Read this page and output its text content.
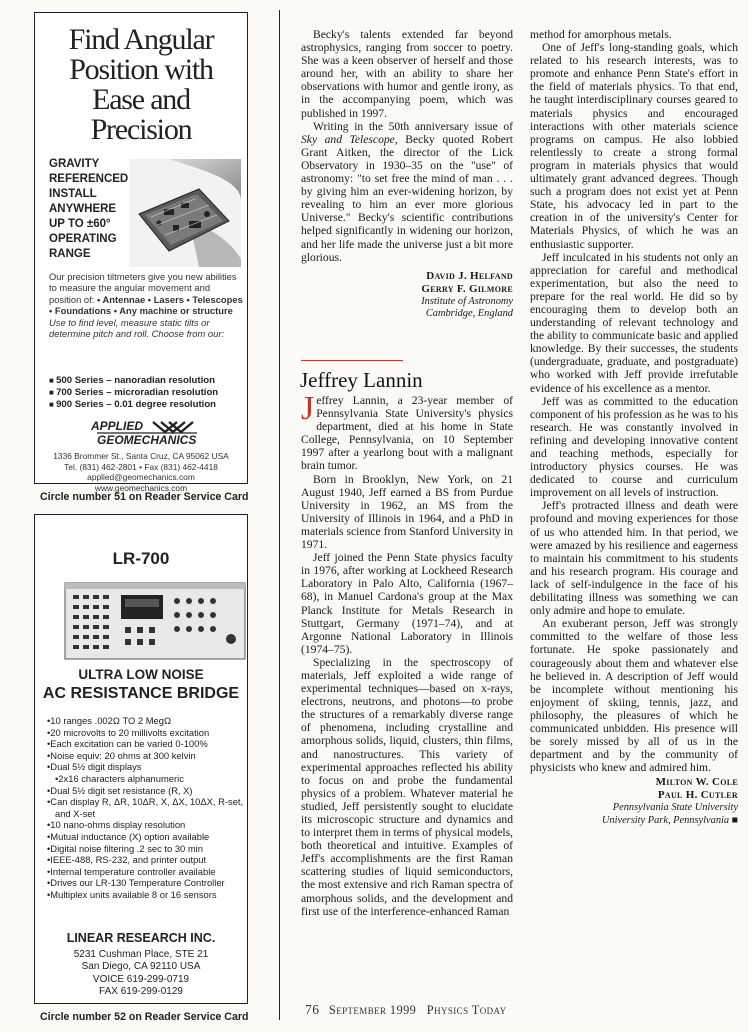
Find Angular
Position with
Ease and
Precision
GRAVITY
REFERENCED
INSTALL
ANYWHERE
UP TO ±60°
OPERATING
RANGE
Our precision tiltmeters give you new abilities to measure the angular movement and position of: • Antennae • Lasers • Telescopes • Foundations • Any machine or structure
Use to find level, measure static tilts or determine pitch and roll. Choose from our:
■ 500 Series – nanoradian resolution
■ 700 Series – microradian resolution
■ 900 Series – 0.01 degree resolution
APPLIED
GEOMECHANICS
1336 Brommer St., Santa Cruz, CA 95062 USA
Tel. (831) 462-2801 • Fax (831) 462-4418
applied@geomechanics.com
www.geomechanics.com
Circle number 51 on Reader Service Card
LR-700
ULTRA LOW NOISE
AC RESISTANCE BRIDGE
• 10 ranges .002Ω TO 2 MegΩ
• 20 microvolts to 20 millivolts excitation
• Each excitation can be varied 0-100%
• Noise equiv: 20 ohms at 300 kelvin
• Dual 5½ digit displays
• 2x16 characters alphanumeric
• Dual 5½ digit set resistance (R, X)
• Can display R, ΔR, 10ΔR, X, ΔX, 10ΔX, R-set, and X-set
• 10 nano-ohms display resolution
• Mutual inductance (X) option available
• Digital noise filtering .2 sec to 30 min
• IEEE-488, RS-232, and printer output
• Internal temperature controller available
• Drives our LR-130 Temperature Controller
• Multiplex units available 8 or 16 sensors
LINEAR RESEARCH INC.
5231 Cushman Place, STE 21
San Diego, CA 92110 USA
VOICE 619-299-0719
FAX 619-299-0129
Circle number 52 on Reader Service Card

Becky's talents extended far beyond astrophysics, ranging from soccer to poetry. She was a keen observer of herself and those around her, with an ability to share her observations with humor and gentle irony, as in the accompanying poem, which was published in 1997.

Writing in the 50th anniversary issue of Sky and Telescope, Becky quoted Robert Grant Aitken, the director of the Lick Observatory in 1930–35 on the "use" of astronomy: "to set free the mind of man . . . by giving him an ever-widening horizon, by revealing to him an ever more glorious Universe." Becky's scientific contributions helped significantly in widening our horizon, and her life made the universe just a bit more glorious.

David J. Helfand
Gerry F. Gilmore
Institute of Astronomy
Cambridge, England
Jeffrey Lannin

Jeffrey Lannin, a 23-year member of Pennsylvania State University's physics department, died at his home in State College, Pennsylvania, on 10 September 1997 after a yearlong bout with a malignant brain tumor.

Born in Brooklyn, New York, on 21 August 1940, Jeff earned a BS from Purdue University in 1962, an MS from the University of Illinois in 1964, and a PhD in materials science from Stanford University in 1971.

Jeff joined the Penn State physics faculty in 1976, after working at Lockheed Research Laboratory in Palo Alto, California (1967–68), in Manuel Cardona's group at the Max Planck Institute for Metals Research in Stuttgart, Germany (1971–74), and at Argonne National Laboratory in Illinois (1974–75).

Specializing in the spectroscopy of materials, Jeff exploited a wide range of experimental techniques—based on x-rays, electrons, neutrons, and photons—to probe the structures of a remarkably diverse range of phenomena, including crystalline and amorphous solids, liquid, clusters, thin films, and nanostructures. This variety of experimental approaches reflected his ability to focus on and probe the fundamental physics of a problem. Whatever material he studied, Jeff persistently sought to elucidate its microscopic structure and dynamics and to interpret them in terms of physical models, both theoretical and intuitive. Examples of Jeff's accomplishments are the first Raman scattering studies of liquid semiconductors, the most extensive and rich Raman spectra of amorphous solids, and the development and first use of the interference-enhanced Raman

method for amorphous metals.

One of Jeff's long-standing goals, which related to his research interests, was to promote and enhance Penn State's effort in the field of materials physics. To that end, he taught interdisciplinary courses geared to materials physics and encouraged interactions with other materials science programs on campus. He also lobbied relentlessly to create a strong formal program in materials physics that would ultimately grant advanced degrees. Though such a program does not exist yet at Penn State, his advocacy led in part to the creation in of the university's Center for Materials Physics, of which he was an enthusiastic supporter.

Jeff inculcated in his students not only an appreciation for careful and methodical experimentation, but also the need to prepare for the real world. He did so by encouraging them to develop both an understanding of relevant technology and the ability to communicate basic and applied knowledge. By their successes, the students (undergraduate, graduate, and postgraduate) who worked with Jeff provide irrefutable evidence of his excellence as a mentor.

Jeff was as committed to the education component of his profession as he was to his research. He was constantly involved in refining and developing innovative content and teaching methods, especially for introductory physics courses. He was dedicated to course and curriculum improvement on all levels of instruction.

Jeff's protracted illness and death were profound and moving experiences for those of us who attended him. In that period, we were amazed by his resilience and eagerness to maintain his commitment to his students and his research program. His courage and lack of self-indulgence in the face of his debilitating illness was something we can only admire and hope to emulate.

An exuberant person, Jeff was strongly committed to the welfare of those less fortunate. He spoke passionately and courageously about them and whatever else he believed in. A description of Jeff would be incomplete without mentioning his enjoyment of skiing, tennis, jazz, and philosophy, the pleasures of which he communicated unbidden. His presence will be sorely missed by all of us in the department and by the community of physicists who knew and admired him.

Milton W. Cole
Paul H. Cutler
Pennsylvania State University
University Park, Pennsylvania ■
76 September 1999 Physics Today
